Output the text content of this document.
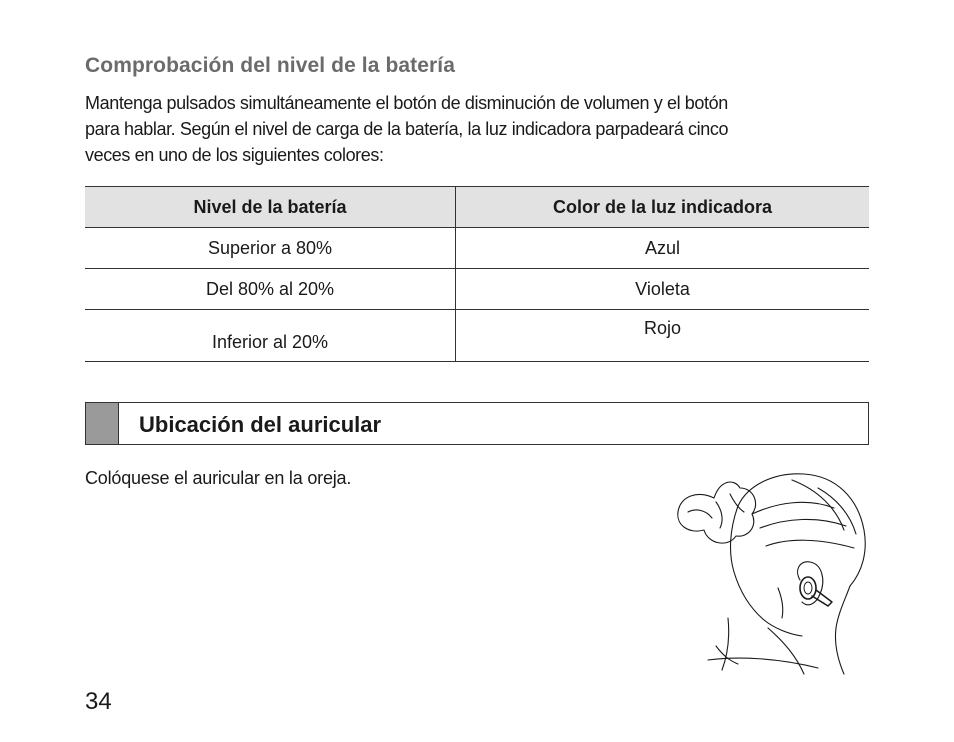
Comprobación del nivel de la batería
Mantenga pulsados simultáneamente el botón de disminución de volumen y el botón
para hablar. Según el nivel de carga de la batería, la luz indicadora parpadeará cinco
veces en uno de los siguientes colores:
Nivel de la batería	Color de la luz indicadora
Superior a 80%	Azul
Del 80% al 20%	Violeta
Inferior al 20%	Rojo
Ubicación del auricular
Colóquese el auricular en la oreja.
34
